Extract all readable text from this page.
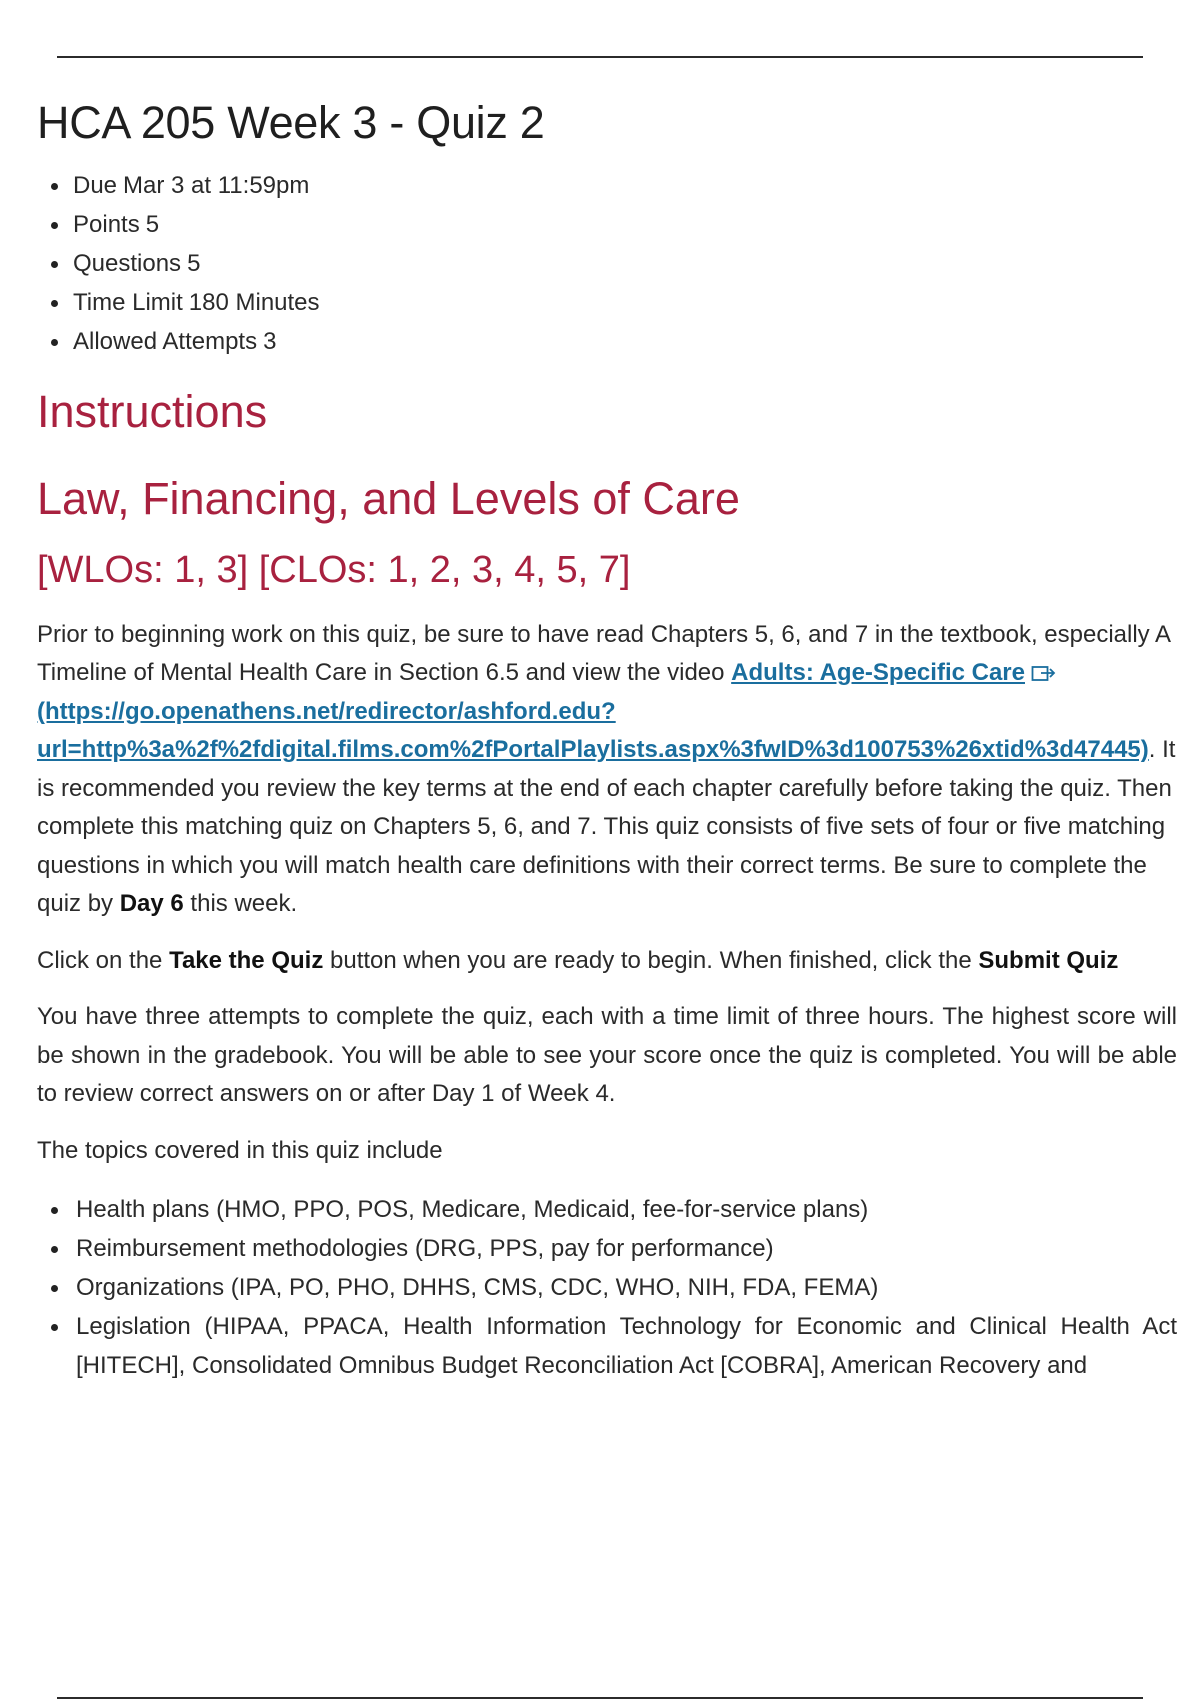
HCA 205 Week 3 - Quiz 2
Due Mar 3 at 11:59pm
Points 5
Questions 5
Time Limit 180 Minutes
Allowed Attempts 3
Instructions
Law, Financing, and Levels of Care
[WLOs: 1, 3] [CLOs: 1, 2, 3, 4, 5, 7]

Prior to beginning work on this quiz, be sure to have read Chapters 5, 6, and 7 in the textbook, especially A Timeline of Mental Health Care in Section 6.5 and view the video Adults: Age-Specific Care(https://go.openathens.net/redirector/ashford.edu?url=http%3a%2f%2fdigital.films.com%2fPortalPlaylists.aspx%3fwID%3d100753%26xtid%3d47445). It is recommended you review the key terms at the end of each chapter carefully before taking the quiz. Then complete this matching quiz on Chapters 5, 6, and 7. This quiz consists of five sets of four or five matching questions in which you will match health care definitions with their correct terms. Be sure to complete the quiz by Day 6 this week.

Click on the Take the Quiz button when you are ready to begin. When finished, click the Submit Quiz

You have three attempts to complete the quiz, each with a time limit of three hours. The highest score will be shown in the gradebook. You will be able to see your score once the quiz is completed. You will be able to review correct answers on or after Day 1 of Week 4.

The topics covered in this quiz include

Health plans (HMO, PPO, POS, Medicare, Medicaid, fee-for-service plans)
Reimbursement methodologies (DRG, PPS, pay for performance)
Organizations (IPA, PO, PHO, DHHS, CMS, CDC, WHO, NIH, FDA, FEMA)
Legislation (HIPAA, PPACA, Health Information Technology for Economic and Clinical Health Act [HITECH], Consolidated Omnibus Budget Reconciliation Act [COBRA], American Recovery and
